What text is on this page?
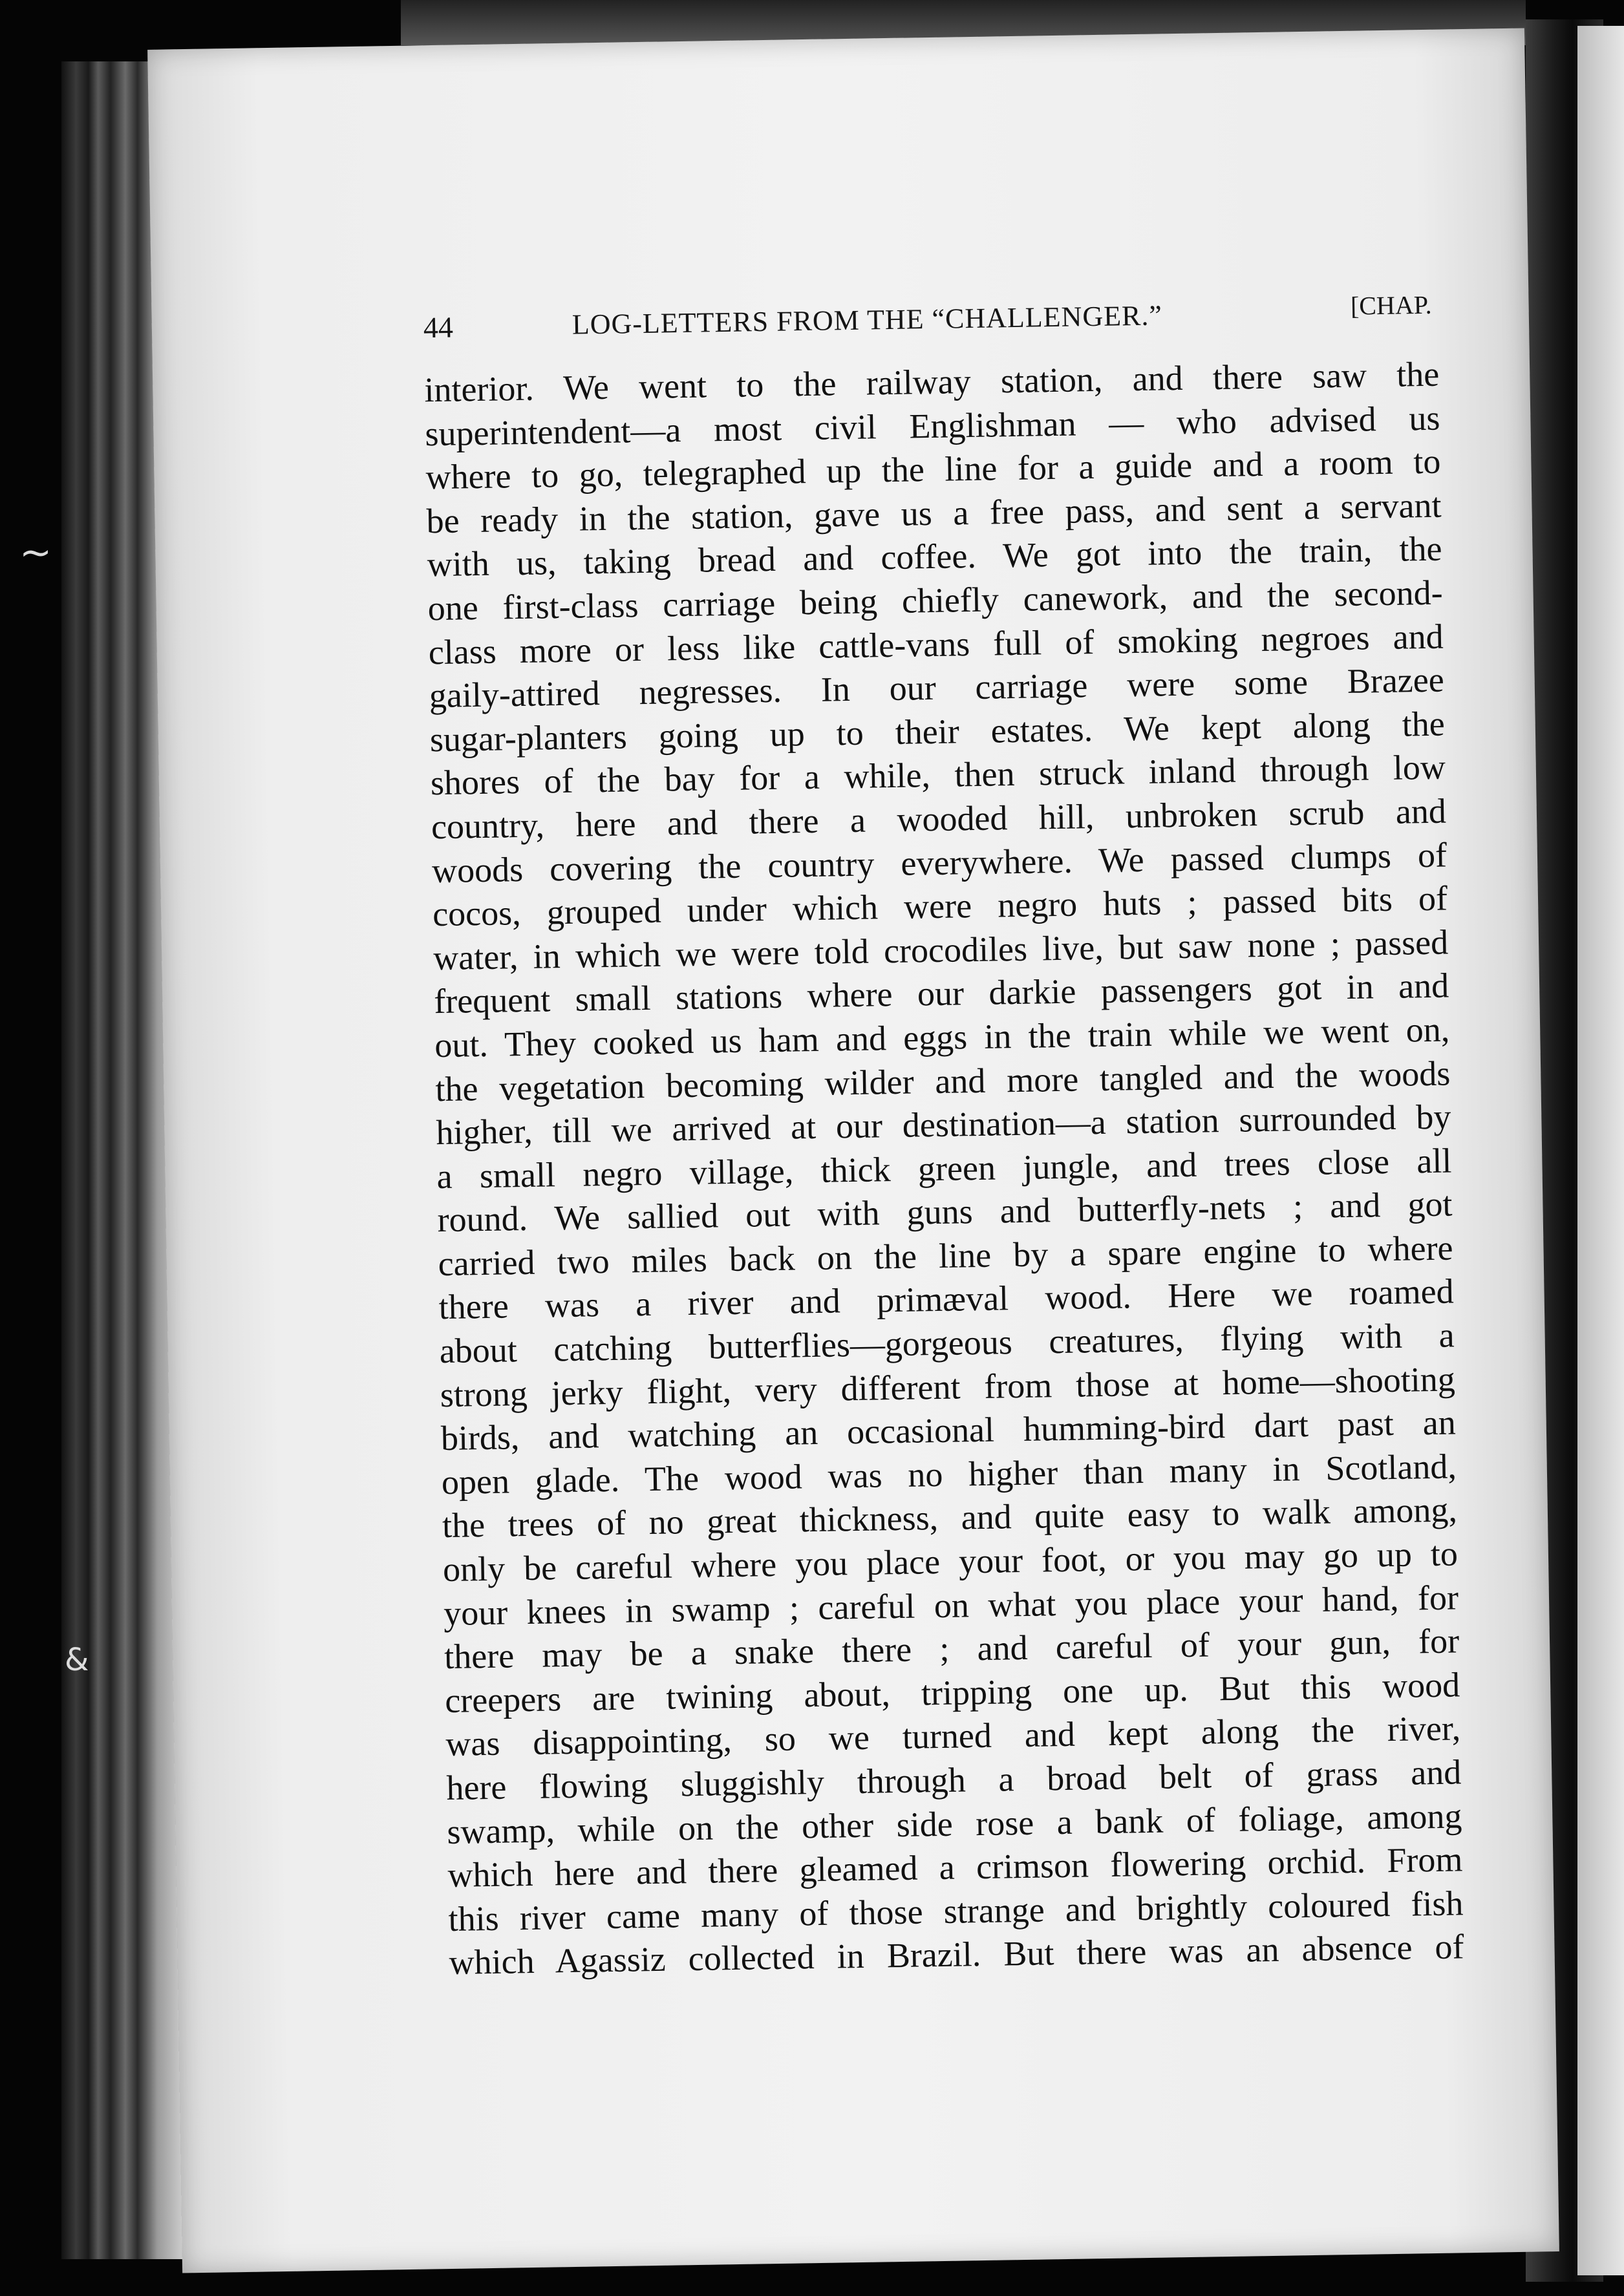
~
&
44	LOG-LETTERS FROM THE “CHALLENGER.”	[CHAP.
interior. We went to the railway station, and there saw the
superintendent—a most civil Englishman — who advised us
where to go, telegraphed up the line for a guide and a room to
be ready in the station, gave us a free pass, and sent a servant
with us, taking bread and coffee. We got into the train, the
one first-class carriage being chiefly canework, and the second-
class more or less like cattle-vans full of smoking negroes and
gaily-attired negresses. In our carriage were some Brazee
sugar-planters going up to their estates. We kept along the
shores of the bay for a while, then struck inland through low
country, here and there a wooded hill, unbroken scrub and
woods covering the country everywhere. We passed clumps of
cocos, grouped under which were negro huts ; passed bits of
water, in which we were told crocodiles live, but saw none ; passed
frequent small stations where our darkie passengers got in and
out. They cooked us ham and eggs in the train while we went on,
the vegetation becoming wilder and more tangled and the woods
higher, till we arrived at our destination—a station surrounded by
a small negro village, thick green jungle, and trees close all
round. We sallied out with guns and butterfly-nets ; and got
carried two miles back on the line by a spare engine to where
there was a river and primæval wood. Here we roamed
about catching butterflies—gorgeous creatures, flying with a
strong jerky flight, very different from those at home—shooting
birds, and watching an occasional humming-bird dart past an
open glade. The wood was no higher than many in Scotland,
the trees of no great thickness, and quite easy to walk among,
only be careful where you place your foot, or you may go up to
your knees in swamp ; careful on what you place your hand, for
there may be a snake there ; and careful of your gun, for
creepers are twining about, tripping one up. But this wood
was disappointing, so we turned and kept along the river,
here flowing sluggishly through a broad belt of grass and
swamp, while on the other side rose a bank of foliage, among
which here and there gleamed a crimson flowering orchid. From
this river came many of those strange and brightly coloured fish
which Agassiz collected in Brazil. But there was an absence of
